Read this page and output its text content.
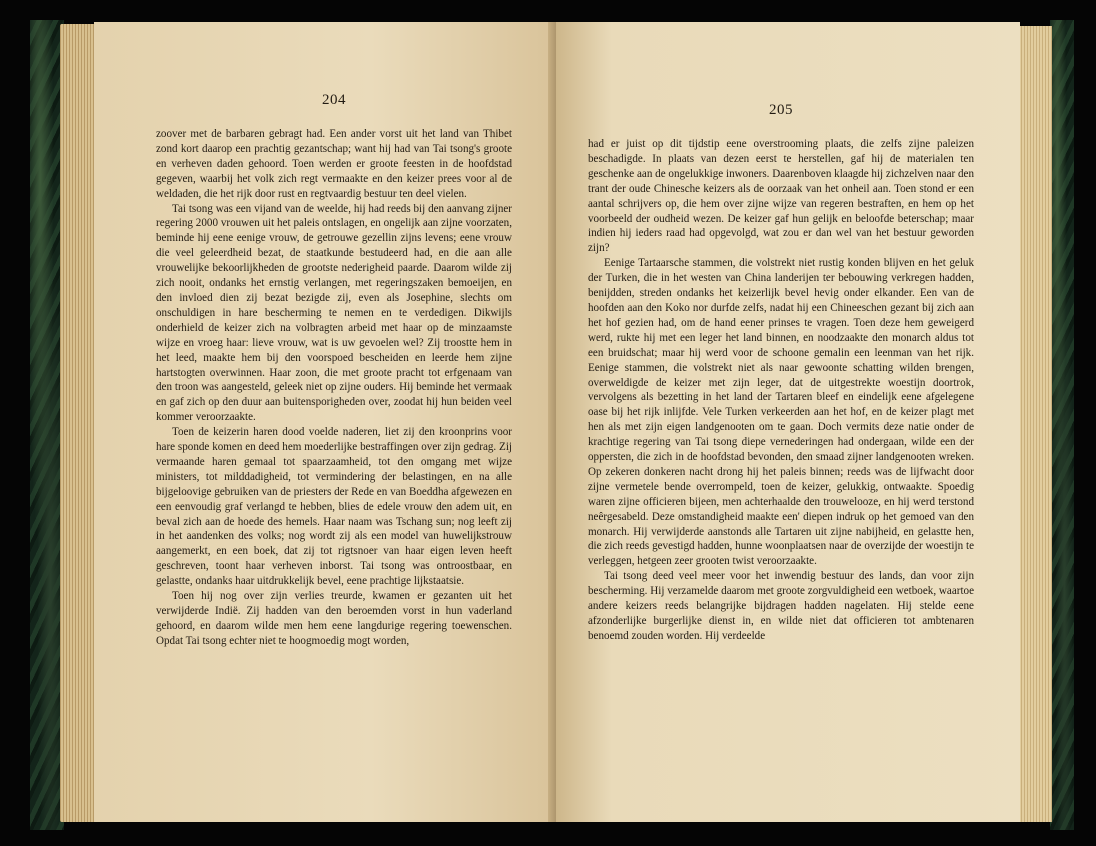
204

zoover met de barbaren gebragt had. Een ander vorst uit het land van Thibet zond kort daarop een prachtig gezantschap; want hij had van Tai tsong's groote en verheven daden gehoord. Toen werden er groote feesten in de hoofdstad gegeven, waarbij het volk zich regt vermaakte en den keizer prees voor al de weldaden, die het rijk door rust en regtvaardig bestuur ten deel vielen.

Tai tsong was een vijand van de weelde, hij had reeds bij den aanvang zijner regering 2000 vrouwen uit het paleis ontslagen, en ongelijk aan zijne voorzaten, beminde hij eene eenige vrouw, de getrouwe gezellin zijns levens; eene vrouw die veel geleerdheid bezat, de staatkunde bestudeerd had, en die aan alle vrouwelijke bekoorlijkheden de grootste nederigheid paarde. Daarom wilde zij zich nooit, ondanks het ernstig verlangen, met regeringszaken bemoeijen, en den invloed dien zij bezat bezigde zij, even als Josephine, slechts om onschuldigen in hare bescherming te nemen en te verdedigen. Dikwijls onderhield de keizer zich na volbragten arbeid met haar op de minzaamste wijze en vroeg haar: lieve vrouw, wat is uw gevoelen wel? Zij troostte hem in het leed, maakte hem bij den voorspoed bescheiden en leerde hem zijne hartstogten overwinnen. Haar zoon, die met groote pracht tot erfgenaam van den troon was aangesteld, geleek niet op zijne ouders. Hij beminde het vermaak en gaf zich op den duur aan buitensporigheden over, zoodat hij hun beiden veel kommer veroorzaakte.

Toen de keizerin haren dood voelde naderen, liet zij den kroonprins voor hare sponde komen en deed hem moederlijke bestraffingen over zijn gedrag. Zij vermaande haren gemaal tot spaarzaamheid, tot den omgang met wijze ministers, tot milddadigheid, tot vermindering der belastingen, en na alle bijgeloovige gebruiken van de priesters der Rede en van Boeddha afgewezen en een eenvoudig graf verlangd te hebben, blies de edele vrouw den adem uit, en beval zich aan de hoede des hemels. Haar naam was Tschang sun; nog leeft zij in het aandenken des volks; nog wordt zij als een model van huwelijkstrouw aangemerkt, en een boek, dat zij tot rigtsnoer van haar eigen leven heeft geschreven, toont haar verheven inborst. Tai tsong was ontroostbaar, en gelastte, ondanks haar uitdrukkelijk bevel, eene prachtige lijkstaatsie.

Toen hij nog over zijn verlies treurde, kwamen er gezanten uit het verwijderde Indië. Zij hadden van den beroemden vorst in hun vaderland gehoord, en daarom wilde men hem eene langdurige regering toewenschen. Opdat Tai tsong echter niet te hoogmoedig mogt worden,

205

had er juist op dit tijdstip eene overstrooming plaats, die zelfs zijne paleizen beschadigde. In plaats van dezen eerst te herstellen, gaf hij de materialen ten geschenke aan de ongelukkige inwoners. Daarenboven klaagde hij zichzelven naar den trant der oude Chinesche keizers als de oorzaak van het onheil aan. Toen stond er een aantal schrijvers op, die hem over zijne wijze van regeren bestraften, en hem op het voorbeeld der oudheid wezen. De keizer gaf hun gelijk en beloofde beterschap; maar indien hij ieders raad had opgevolgd, wat zou er dan wel van het bestuur geworden zijn?

Eenige Tartaarsche stammen, die volstrekt niet rustig konden blijven en het geluk der Turken, die in het westen van China landerijen ter bebouwing verkregen hadden, benijdden, streden ondanks het keizerlijk bevel hevig onder elkander. Een van de hoofden aan den Koko nor durfde zelfs, nadat hij een Chineeschen gezant bij zich aan het hof gezien had, om de hand eener prinses te vragen. Toen deze hem geweigerd werd, rukte hij met een leger het land binnen, en noodzaakte den monarch aldus tot een bruidschat; maar hij werd voor de schoone gemalin een leenman van het rijk. Eenige stammen, die volstrekt niet als naar gewoonte schatting wilden brengen, overweldigde de keizer met zijn leger, dat de uitgestrekte woestijn doortrok, vervolgens als bezetting in het land der Tartaren bleef en eindelijk eene afgelegene oase bij het rijk inlijfde. Vele Turken verkeerden aan het hof, en de keizer plagt met hen als met zijn eigen landgenooten om te gaan. Doch vermits deze natie onder de krachtige regering van Tai tsong diepe vernederingen had ondergaan, wilde een der oppersten, die zich in de hoofdstad bevonden, den smaad zijner landgenooten wreken. Op zekeren donkeren nacht drong hij het paleis binnen; reeds was de lijfwacht door zijne vermetele bende overrompeld, toen de keizer, gelukkig, ontwaakte. Spoedig waren zijne officieren bijeen, men achterhaalde den trouwelooze, en hij werd terstond neêrgesabeld. Deze omstandigheid maakte een' diepen indruk op het gemoed van den monarch. Hij verwijderde aanstonds alle Tartaren uit zijne nabijheid, en gelastte hen, die zich reeds gevestigd hadden, hunne woonplaatsen naar de overzijde der woestijn te verleggen, hetgeen zeer grooten twist veroorzaakte.

Tai tsong deed veel meer voor het inwendig bestuur des lands, dan voor zijn bescherming. Hij verzamelde daarom met groote zorgvuldigheid een wetboek, waartoe andere keizers reeds belangrijke bijdragen hadden nagelaten. Hij stelde eene afzonderlijke burgerlijke dienst in, en wilde niet dat officieren tot ambtenaren benoemd zouden worden. Hij verdeelde
